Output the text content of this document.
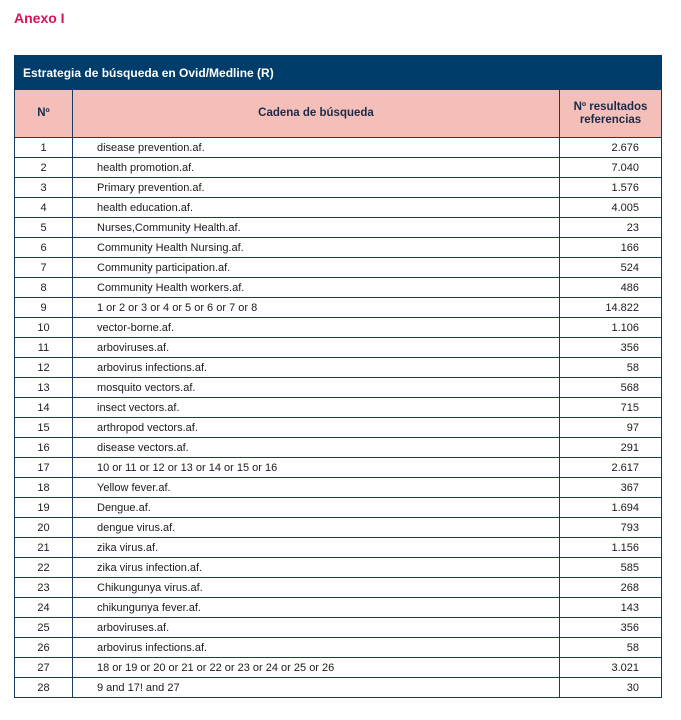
Anexo I
Estrategia de búsqueda en Ovid/Medline (R)		
Nº	Cadena de búsqueda	Nº resultados
referencias
1	disease prevention.af.	2.676
2	health promotion.af.	7.040
3	Primary prevention.af.	1.576
4	health education.af.	4.005
5	Nurses,Community Health.af.	23
6	Community Health Nursing.af.	166
7	Community participation.af.	524
8	Community Health workers.af.	486
9	1 or 2 or 3 or 4 or 5 or 6 or 7 or 8	14.822
10	vector-borne.af.	1.106
11	arboviruses.af.	356
12	arbovirus infections.af.	58
13	mosquito vectors.af.	568
14	insect vectors.af.	715
15	arthropod vectors.af.	97
16	disease vectors.af.	291
17	10 or 11 or 12 or 13 or 14 or 15 or 16	2.617
18	Yellow fever.af.	367
19	Dengue.af.	1.694
20	dengue virus.af.	793
21	zika virus.af.	1.156
22	zika virus infection.af.	585
23	Chikungunya virus.af.	268
24	chikungunya fever.af.	143
25	arboviruses.af.	356
26	arbovirus infections.af.	58
27	18 or 19 or 20 or 21 or 22 or 23 or 24 or 25 or 26	3.021
28	9 and 17! and 27	30
